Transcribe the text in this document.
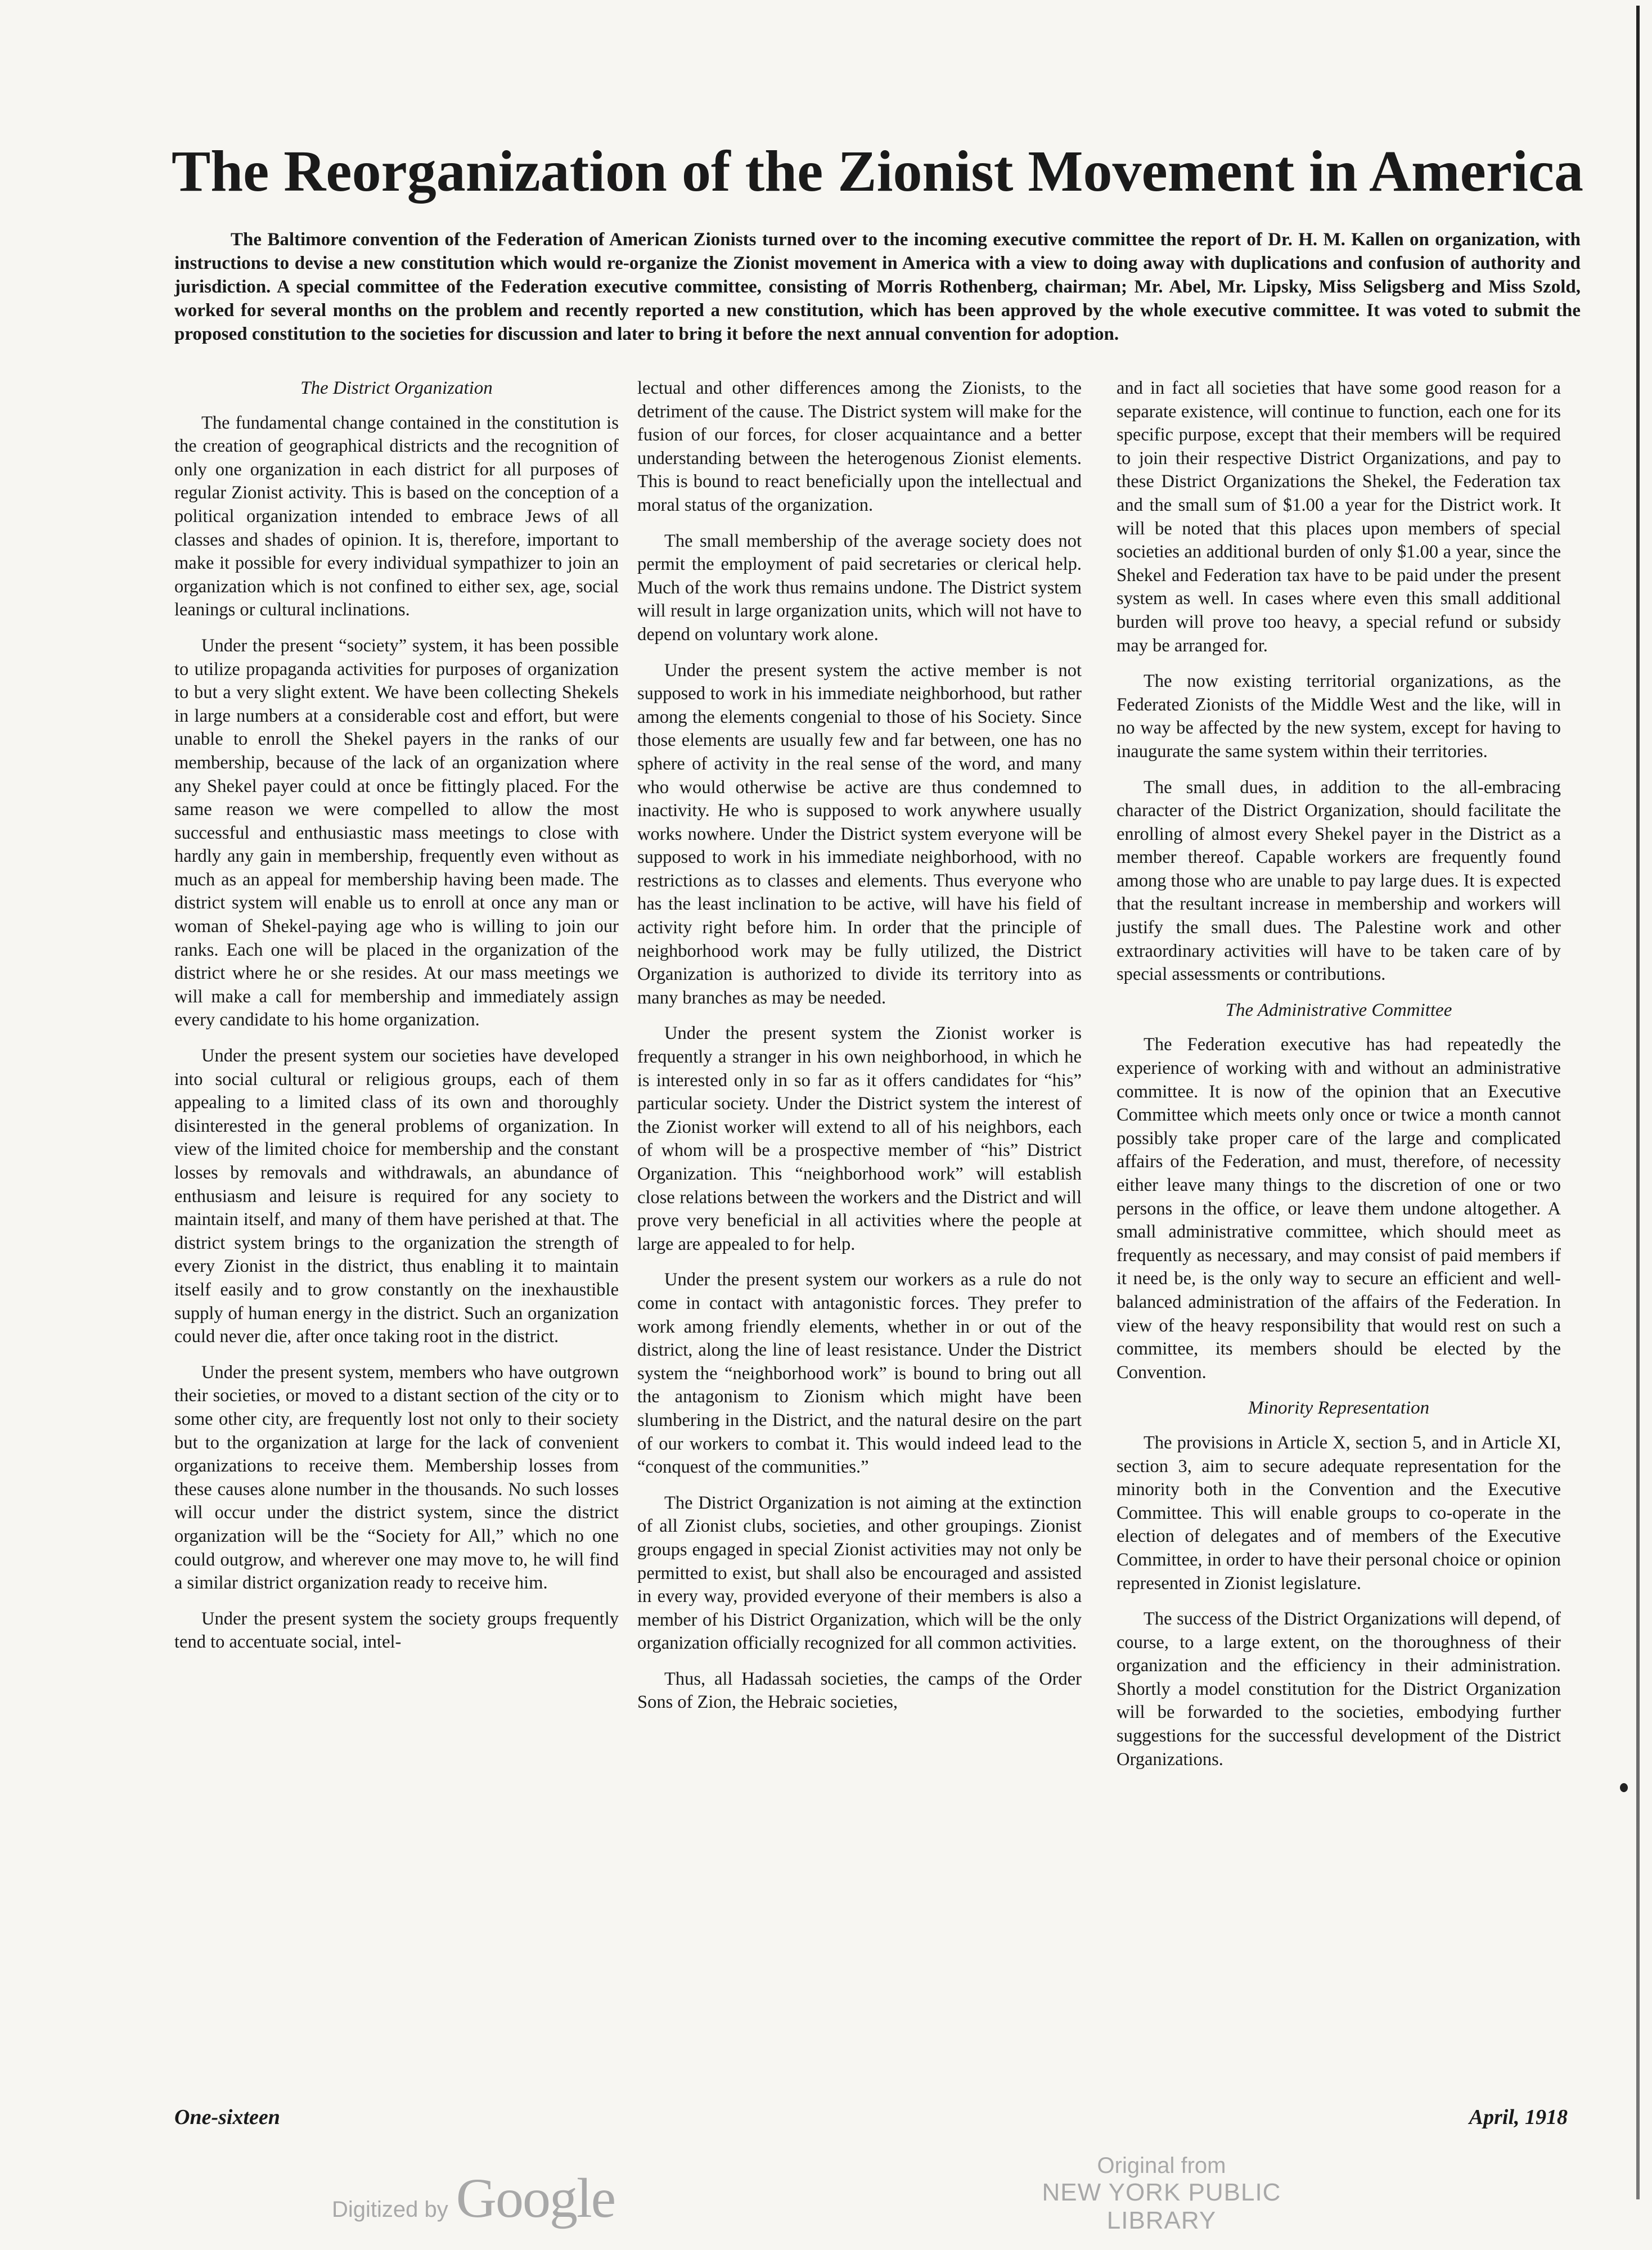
The Reorganization of the Zionist Movement in America

The Baltimore convention of the Federation of American Zionists turned over to the incoming executive committee the report of Dr. H. M. Kallen on organization, with instructions to devise a new constitution which would re-organize the Zionist movement in America with a view to doing away with duplications and confusion of authority and jurisdiction. A special committee of the Federation executive committee, consisting of Morris Rothenberg, chairman; Mr. Abel, Mr. Lipsky, Miss Seligsberg and Miss Szold, worked for several months on the problem and recently reported a new constitution, which has been approved by the whole executive committee. It was voted to submit the proposed constitution to the societies for discussion and later to bring it before the next annual convention for adoption.

The District Organization

The fundamental change contained in the constitution is the creation of geographical districts and the recognition of only one organization in each district for all purposes of regular Zionist activity. This is based on the conception of a political organization intended to embrace Jews of all classes and shades of opinion. It is, therefore, important to make it possible for every individual sympathizer to join an organization which is not confined to either sex, age, social leanings or cultural inclinations.

Under the present “society” system, it has been possible to utilize propaganda activities for purposes of organization to but a very slight extent. We have been collecting Shekels in large numbers at a considerable cost and effort, but were unable to enroll the Shekel payers in the ranks of our membership, because of the lack of an organization where any Shekel payer could at once be fittingly placed. For the same reason we were compelled to allow the most successful and enthusiastic mass meetings to close with hardly any gain in membership, frequently even without as much as an appeal for membership having been made. The district system will enable us to enroll at once any man or woman of Shekel-paying age who is willing to join our ranks. Each one will be placed in the organization of the district where he or she resides. At our mass meetings we will make a call for membership and immediately assign every candidate to his home organization.

Under the present system our societies have developed into social cultural or religious groups, each of them appealing to a limited class of its own and thoroughly disinterested in the general problems of organization. In view of the limited choice for membership and the constant losses by removals and withdrawals, an abundance of enthusiasm and leisure is required for any society to maintain itself, and many of them have perished at that. The district system brings to the organization the strength of every Zionist in the district, thus enabling it to maintain itself easily and to grow constantly on the inexhaustible supply of human energy in the district. Such an organization could never die, after once taking root in the district.

Under the present system, members who have outgrown their societies, or moved to a distant section of the city or to some other city, are frequently lost not only to their society but to the organization at large for the lack of convenient organizations to receive them. Membership losses from these causes alone number in the thousands. No such losses will occur under the district system, since the district organization will be the “Society for All,” which no one could outgrow, and wherever one may move to, he will find a similar district organization ready to receive him.

Under the present system the society groups frequently tend to accentuate social, intel-

lectual and other differences among the Zionists, to the detriment of the cause. The District system will make for the fusion of our forces, for closer acquaintance and a better understanding between the heterogenous Zionist elements. This is bound to react beneficially upon the intellectual and moral status of the organization.

The small membership of the average society does not permit the employment of paid secretaries or clerical help. Much of the work thus remains undone. The District system will result in large organization units, which will not have to depend on voluntary work alone.

Under the present system the active member is not supposed to work in his immediate neighborhood, but rather among the elements congenial to those of his Society. Since those elements are usually few and far between, one has no sphere of activity in the real sense of the word, and many who would otherwise be active are thus condemned to inactivity. He who is supposed to work anywhere usually works nowhere. Under the District system everyone will be supposed to work in his immediate neighborhood, with no restrictions as to classes and elements. Thus everyone who has the least inclination to be active, will have his field of activity right before him. In order that the principle of neighborhood work may be fully utilized, the District Organization is authorized to divide its territory into as many branches as may be needed.

Under the present system the Zionist worker is frequently a stranger in his own neighborhood, in which he is interested only in so far as it offers candidates for “his” particular society. Under the District system the interest of the Zionist worker will extend to all of his neighbors, each of whom will be a prospective member of “his” District Organization. This “neighborhood work” will establish close relations between the workers and the District and will prove very beneficial in all activities where the people at large are appealed to for help.

Under the present system our workers as a rule do not come in contact with antagonistic forces. They prefer to work among friendly elements, whether in or out of the district, along the line of least resistance. Under the District system the “neighborhood work” is bound to bring out all the antagonism to Zionism which might have been slumbering in the District, and the natural desire on the part of our workers to combat it. This would indeed lead to the “conquest of the communities.”

The District Organization is not aiming at the extinction of all Zionist clubs, societies, and other groupings. Zionist groups engaged in special Zionist activities may not only be permitted to exist, but shall also be encouraged and assisted in every way, provided everyone of their members is also a member of his District Organization, which will be the only organization officially recognized for all common activities.

Thus, all Hadassah societies, the camps of the Order Sons of Zion, the Hebraic societies,

and in fact all societies that have some good reason for a separate existence, will continue to function, each one for its specific purpose, except that their members will be required to join their respective District Organizations, and pay to these District Organizations the Shekel, the Federation tax and the small sum of $1.00 a year for the District work. It will be noted that this places upon members of special societies an additional burden of only $1.00 a year, since the Shekel and Federation tax have to be paid under the present system as well. In cases where even this small additional burden will prove too heavy, a special refund or subsidy may be arranged for.

The now existing territorial organizations, as the Federated Zionists of the Middle West and the like, will in no way be affected by the new system, except for having to inaugurate the same system within their territories.

The small dues, in addition to the all-embracing character of the District Organization, should facilitate the enrolling of almost every Shekel payer in the District as a member thereof. Capable workers are frequently found among those who are unable to pay large dues. It is expected that the resultant increase in membership and workers will justify the small dues. The Palestine work and other extraordinary activities will have to be taken care of by special assessments or contributions.

The Administrative Committee

The Federation executive has had repeatedly the experience of working with and without an administrative committee. It is now of the opinion that an Executive Committee which meets only once or twice a month cannot possibly take proper care of the large and complicated affairs of the Federation, and must, therefore, of necessity either leave many things to the discretion of one or two persons in the office, or leave them undone altogether. A small administrative committee, which should meet as frequently as necessary, and may consist of paid members if it need be, is the only way to secure an efficient and well-balanced administration of the affairs of the Federation. In view of the heavy responsibility that would rest on such a committee, its members should be elected by the Convention.

Minority Representation

The provisions in Article X, section 5, and in Article XI, section 3, aim to secure adequate representation for the minority both in the Convention and the Executive Committee. This will enable groups to co-operate in the election of delegates and of members of the Executive Committee, in order to have their personal choice or opinion represented in Zionist legislature.

The success of the District Organizations will depend, of course, to a large extent, on the thoroughness of their organization and the efficiency in their administration. Shortly a model constitution for the District Organization will be forwarded to the societies, embodying further suggestions for the successful development of the District Organizations.

One-sixteen	April, 1918
Digitized by Google
Original from
NEW YORK PUBLIC LIBRARY
